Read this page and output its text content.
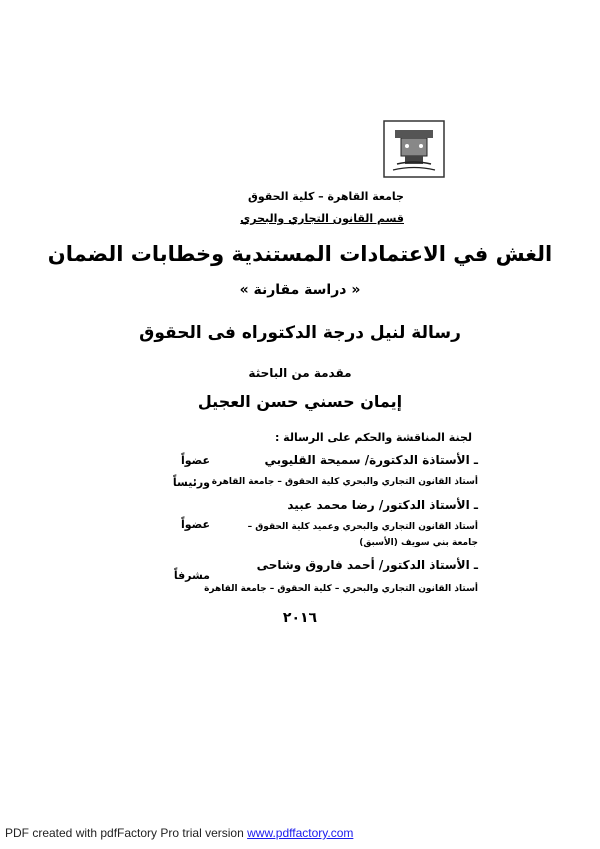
جامعة القاهرة – كلية الحقوق
قسم القانون التجاري والبحري
الغش في الاعتمادات المستندية وخطابات الضمان
« دراسة مقارنة »
رسالة لنيل درجة الدكتوراه فى الحقوق
مقدمة من الباحثة
إيمان حسني حسن العجيل
لجنة المناقشة والحكم على الرسالة :
ـ الأستاذة الدكتورة/ سميحة القليوبي
أستاذ القانون التجاري والبحري كلية الحقوق – جامعة القاهرة
عضواً
ورئيساً
ـ الأستاذ الدكتور/ رضا محمد عبيد
أستاذ القانون التجاري والبحري وعميد كلية الحقوق –
جامعة بني سويف (الأسبق)
عضواً
ـ الأستاذ الدكتور/ أحمد فاروق وشاحى
أستاذ القانون التجاري والبحري – كلية الحقوق – جامعة القاهرة
مشرفاً
٢٠١٦
PDF created with pdfFactory Pro trial version www.pdffactory.com
